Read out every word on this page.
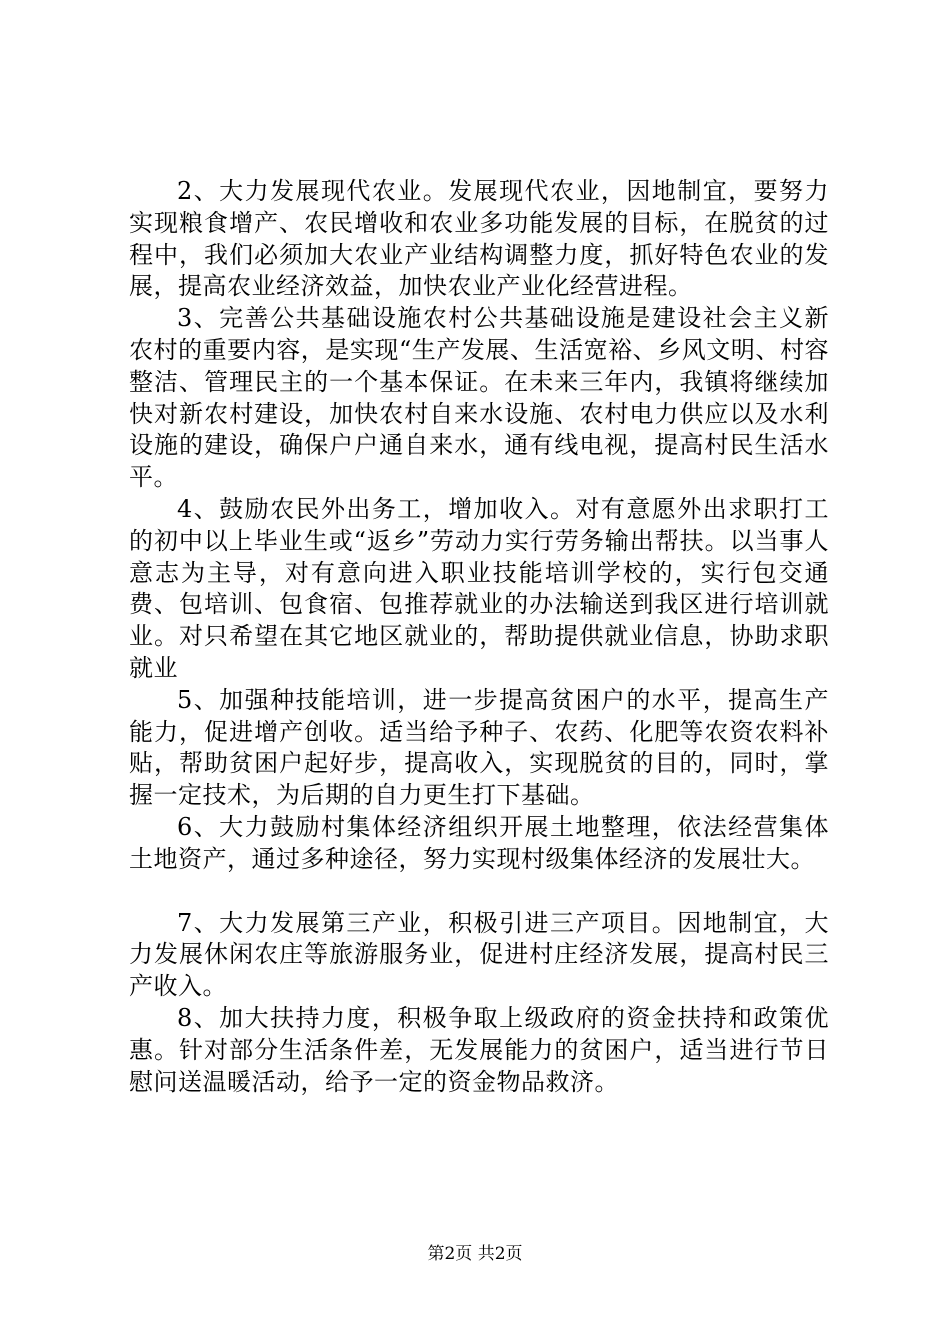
2、大力发展现代农业。发展现代农业，因地制宜，要努力实现粮食增产、农民增收和农业多功能发展的目标，在脱贫的过程中，我们必须加大农业产业结构调整力度，抓好特色农业的发展，提高农业经济效益，加快农业产业化经营进程。

3、完善公共基础设施农村公共基础设施是建设社会主义新农村的重要内容，是实现“生产发展、生活宽裕、乡风文明、村容整洁、管理民主的一个基本保证。在未来三年内，我镇将继续加快对新农村建设，加快农村自来水设施、农村电力供应以及水利设施的建设，确保户户通自来水，通有线电视，提高村民生活水平。

4、鼓励农民外出务工，增加收入。对有意愿外出求职打工的初中以上毕业生或“返乡”劳动力实行劳务输出帮扶。以当事人意志为主导，对有意向进入职业技能培训学校的，实行包交通费、包培训、包食宿、包推荐就业的办法输送到我区进行培训就业。对只希望在其它地区就业的，帮助提供就业信息，协助求职就业

5、加强种技能培训，进一步提高贫困户的水平，提高生产能力，促进增产创收。适当给予种子、农药、化肥等农资农料补贴，帮助贫困户起好步，提高收入，实现脱贫的目的，同时，掌握一定技术，为后期的自力更生打下基础。

6、大力鼓励村集体经济组织开展土地整理，依法经营集体土地资产，通过多种途径，努力实现村级集体经济的发展壮大。

7、大力发展第三产业，积极引进三产项目。因地制宜，大力发展休闲农庄等旅游服务业，促进村庄经济发展，提高村民三产收入。

8、加大扶持力度，积极争取上级政府的资金扶持和政策优惠。针对部分生活条件差，无发展能力的贫困户，适当进行节日慰问送温暖活动，给予一定的资金物品救济。

第2页 共2页
